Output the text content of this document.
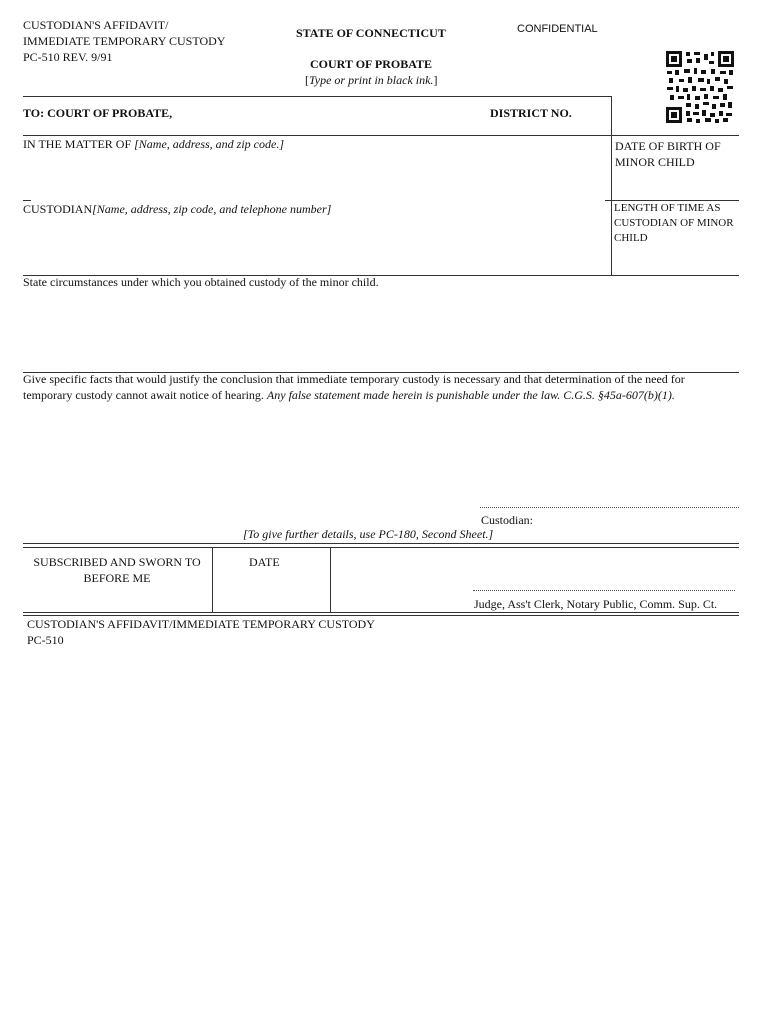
CUSTODIAN'S AFFIDAVIT/
IMMEDIATE TEMPORARY CUSTODY
PC-510 REV. 9/91
STATE OF CONNECTICUT	CONFIDENTIAL
COURT OF PROBATE
[Type or print in black ink.]
TO: COURT OF PROBATE,	DISTRICT NO.
IN THE MATTER OF [Name, address, and zip code.]	DATE OF BIRTH OF
MINOR CHILD
CUSTODIAN[Name, address, zip code, and telephone number]	LENGTH OF TIME AS
CUSTODIAN OF MINOR
CHILD
State circumstances under which you obtained custody of the minor child.
Give specific facts that would justify the conclusion that immediate temporary custody is necessary and that determination of the need for
temporary custody cannot await notice of hearing. Any false statement made herein is punishable under the law. C.G.S. §45a-607(b)(1).
Custodian:
[To give further details, use PC-180, Second Sheet.]
SUBSCRIBED AND SWORN TO
BEFORE ME
DATE
Judge, Ass't Clerk, Notary Public, Comm. Sup. Ct.
CUSTODIAN'S AFFIDAVIT/IMMEDIATE TEMPORARY CUSTODY
PC-510
